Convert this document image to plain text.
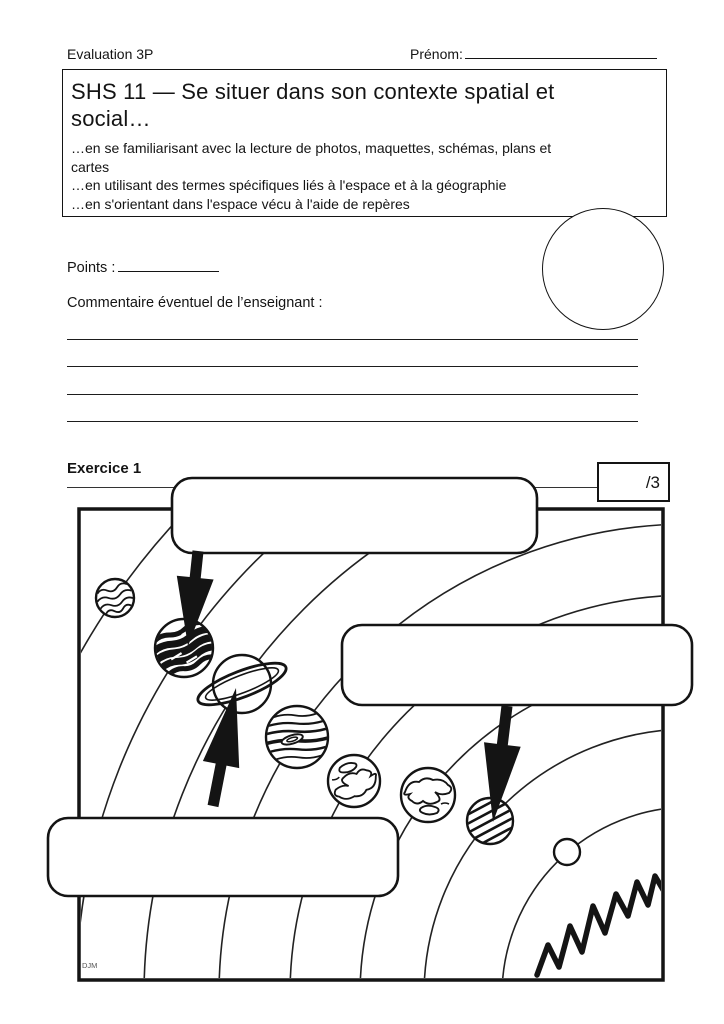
Evaluation 3P	Prénom:
SHS 11 — Se situer dans son contexte spatial et
social…
…en se familiarisant avec la lecture de photos, maquettes, schémas, plans et
cartes
…en utilisant des termes spécifiques liés à l'espace et à la géographie
…en s'orientant dans l'espace vécu à l'aide de repères
Points :
Commentaire éventuel de l’enseignant :
Exercice 1
DJM
/3
